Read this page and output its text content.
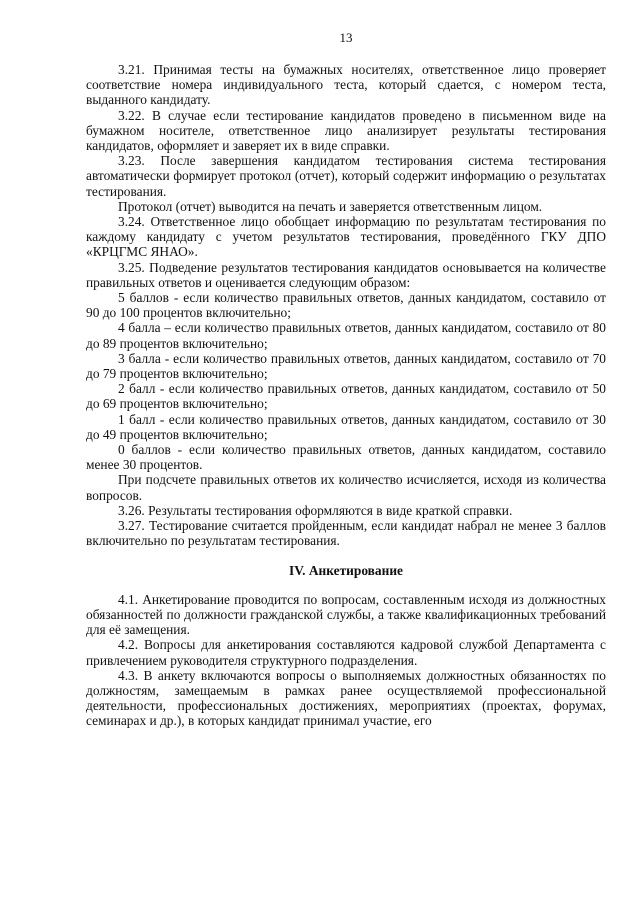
13

3.21. Принимая тесты на бумажных носителях, ответственное лицо проверяет соответствие номера индивидуального теста, который сдается, с номером теста, выданного кандидату.

3.22. В случае если тестирование кандидатов проведено в письменном виде на бумажном носителе, ответственное лицо анализирует результаты тестирования кандидатов, оформляет и заверяет их в виде справки.

3.23. После завершения кандидатом тестирования система тестирования автоматически формирует протокол (отчет), который содержит информацию о результатах тестирования.

Протокол (отчет) выводится на печать и заверяется ответственным лицом.

3.24. Ответственное лицо обобщает информацию по результатам тестирования по каждому кандидату с учетом результатов тестирования, проведённого ГКУ ДПО «КРЦГМС ЯНАО».

3.25. Подведение результатов тестирования кандидатов основывается на количестве правильных ответов и оценивается следующим образом:

5 баллов - если количество правильных ответов, данных кандидатом, составило от 90 до 100 процентов включительно;

4 балла – если количество правильных ответов, данных кандидатом, составило от 80 до 89 процентов включительно;

3 балла - если количество правильных ответов, данных кандидатом, составило от 70 до 79 процентов включительно;

2 балл - если количество правильных ответов, данных кандидатом, составило от 50 до 69 процентов включительно;

1 балл - если количество правильных ответов, данных кандидатом, составило от 30 до 49 процентов включительно;

0 баллов - если количество правильных ответов, данных кандидатом, составило менее 30 процентов.

При подсчете правильных ответов их количество исчисляется, исходя из количества вопросов.

3.26. Результаты тестирования оформляются в виде краткой справки.

3.27. Тестирование считается пройденным, если кандидат набрал не менее 3 баллов включительно по результатам тестирования.

IV. Анкетирование

4.1. Анкетирование проводится по вопросам, составленным исходя из должностных обязанностей по должности гражданской службы, а также квалификационных требований для её замещения.

4.2. Вопросы для анкетирования составляются кадровой службой Департамента с привлечением руководителя структурного подразделения.

4.3. В анкету включаются вопросы о выполняемых должностных обязанностях по должностям, замещаемым в рамках ранее осуществляемой профессиональной деятельности, профессиональных достижениях, мероприятиях (проектах, форумах, семинарах и др.), в которых кандидат принимал участие, его
